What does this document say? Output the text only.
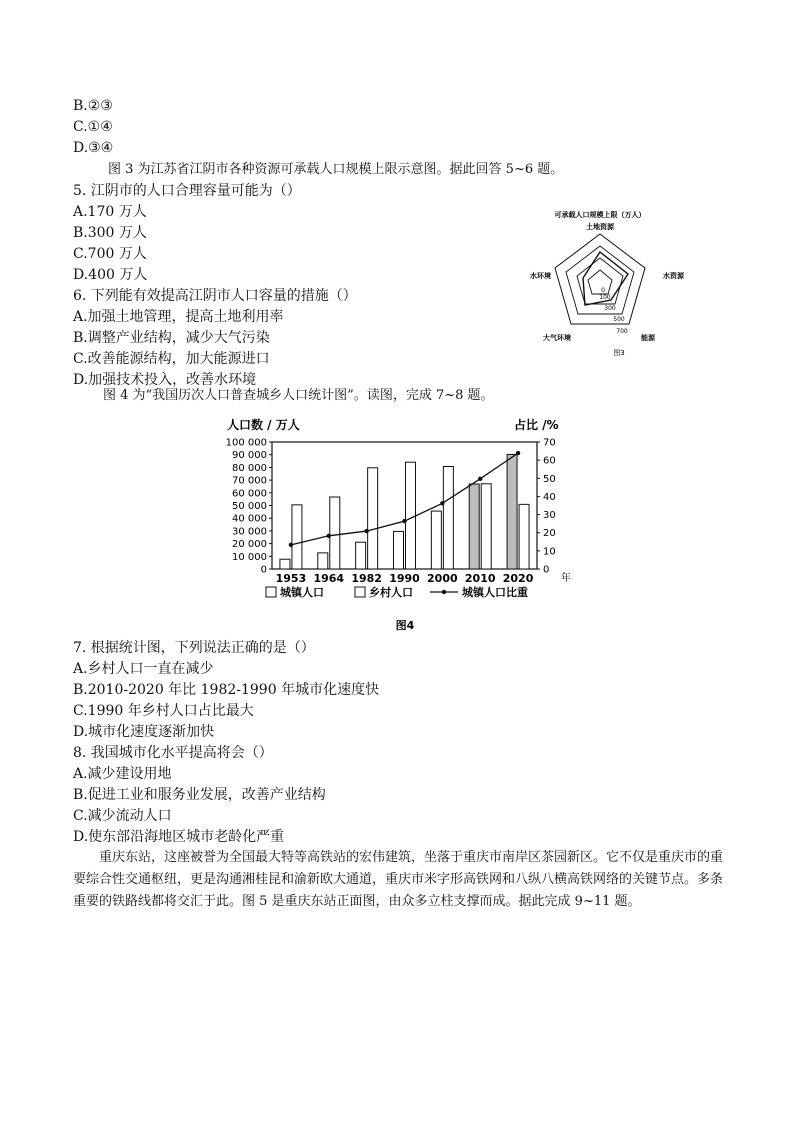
B.②③
C.①④
D.③④
图 3 为江苏省江阴市各种资源可承载人口规模上限示意图。据此回答 5~6 题。
5. 江阴市的人口合理容量可能为（）
A.170 万人
B.300 万人
C.700 万人
D.400 万人
6. 下列能有效提高江阴市人口容量的措施（）
A.加强土地管理，提高土地利用率
B.调整产业结构，减少大气污染
C.改善能源结构，加大能源进口
D.加强技术投入，改善水环境
可承载人口规模上限（万人）
土地资源
水资源
能源
大气环境
水环境
0
100
300
500
700
图3
图 4 为“我国历次人口普查城乡人口统计图”。读图，完成 7~8 题。
人口数 / 万人	占比 /%
年
0
10 000
20 000
30 000
40 000
50 000
60 000
70 000
80 000
90 000
100 000
0
10
20
30
40
50
60
70
1953 1964 1982 1990 2000 2010 2020
城镇人口	乡村人口	城镇人口比重
图4
7. 根据统计图，下列说法正确的是（）
A.乡村人口一直在减少
B.2010-2020 年比 1982-1990 年城市化速度快
C.1990 年乡村人口占比最大
D.城市化速度逐渐加快
8. 我国城市化水平提高将会（）
A.减少建设用地
B.促进工业和服务业发展，改善产业结构
C.减少流动人口
D.使东部沿海地区城市老龄化严重
重庆东站，这座被誉为全国最大特等高铁站的宏伟建筑，坐落于重庆市南岸区茶园新区。它不仅是重庆市的重要综合性交通枢纽，更是沟通湘桂昆和渝新欧大通道，重庆市米字形高铁网和八纵八横高铁网络的关键节点。多条重要的铁路线都将交汇于此。图 5 是重庆东站正面图，由众多立柱支撑而成。据此完成 9~11 题。
